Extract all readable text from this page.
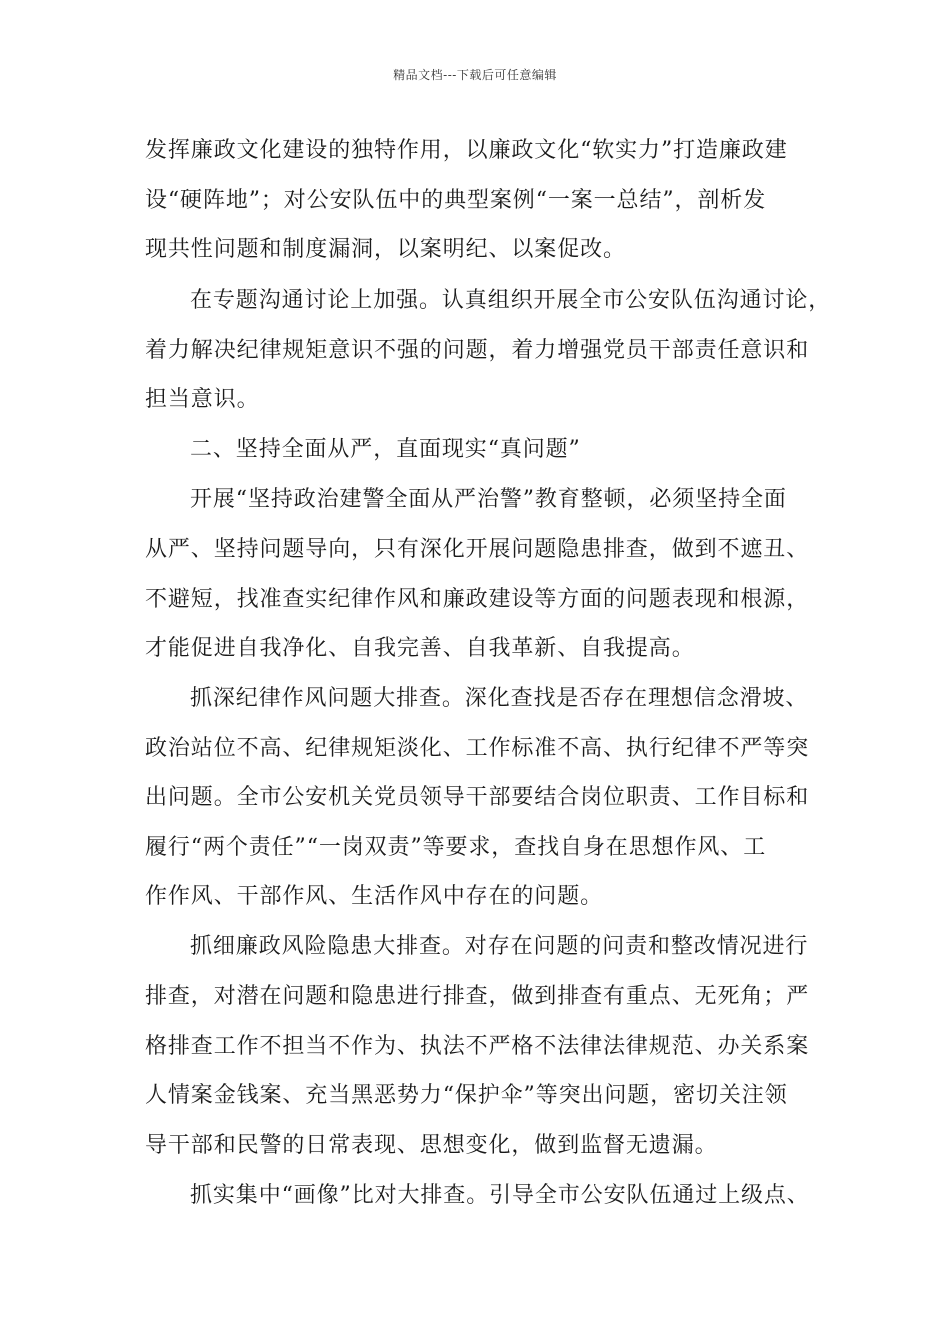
精品文档---下载后可任意编辑
发挥廉政文化建设的独特作用，以廉政文化“软实力”打造廉政建
设“硬阵地”；对公安队伍中的典型案例“一案一总结”，剖析发
现共性问题和制度漏洞，以案明纪、以案促改。
在专题沟通讨论上加强。认真组织开展全市公安队伍沟通讨论，
着力解决纪律规矩意识不强的问题，着力增强党员干部责任意识和
担当意识。
二、坚持全面从严，直面现实“真问题”
开展“坚持政治建警全面从严治警”教育整顿，必须坚持全面
从严、坚持问题导向，只有深化开展问题隐患排查，做到不遮丑、
不避短，找准查实纪律作风和廉政建设等方面的问题表现和根源，
才能促进自我净化、自我完善、自我革新、自我提高。
抓深纪律作风问题大排查。深化查找是否存在理想信念滑坡、
政治站位不高、纪律规矩淡化、工作标准不高、执行纪律不严等突
出问题。全市公安机关党员领导干部要结合岗位职责、工作目标和
履行“两个责任”“一岗双责”等要求，查找自身在思想作风、工
作作风、干部作风、生活作风中存在的问题。
抓细廉政风险隐患大排查。对存在问题的问责和整改情况进行
排查，对潜在问题和隐患进行排查，做到排查有重点、无死角；严
格排查工作不担当不作为、执法不严格不法律法律规范、办关系案
人情案金钱案、充当黑恶势力“保护伞”等突出问题，密切关注领
导干部和民警的日常表现、思想变化，做到监督无遗漏。
抓实集中“画像”比对大排查。引导全市公安队伍通过上级点、
